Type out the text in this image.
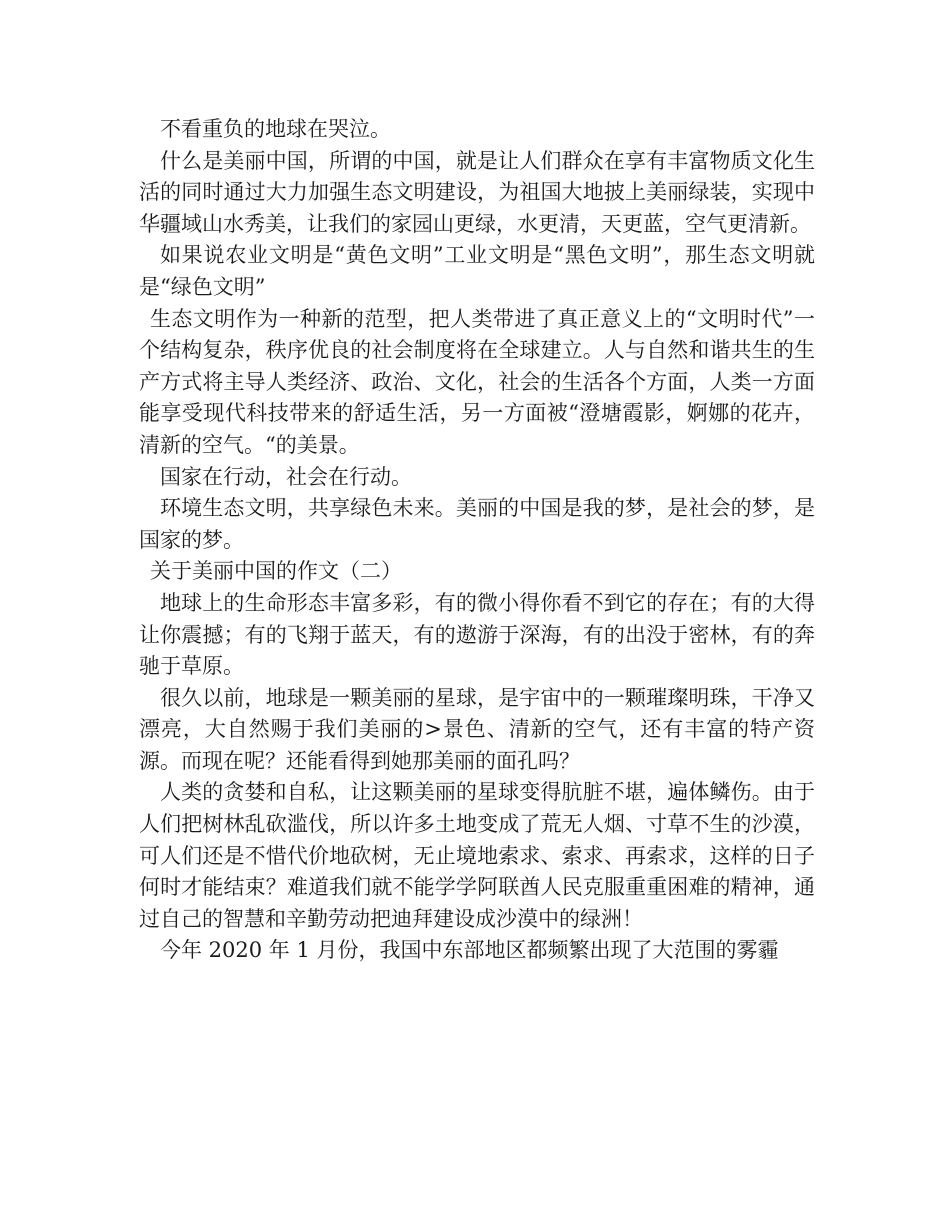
不看重负的地球在哭泣。

什么是美丽中国，所谓的中国，就是让人们群众在享有丰富物质文化生活的同时通过大力加强生态文明建设，为祖国大地披上美丽绿装，实现中华疆域山水秀美，让我们的家园山更绿，水更清，天更蓝，空气更清新。

如果说农业文明是“黄色文明”工业文明是“黑色文明”，那生态文明就是“绿色文明”

生态文明作为一种新的范型，把人类带进了真正意义上的“文明时代”一个结构复杂，秩序优良的社会制度将在全球建立。人与自然和谐共生的生产方式将主导人类经济、政治、文化，社会的生活各个方面，人类一方面能享受现代科技带来的舒适生活，另一方面被“澄塘霞影，婀娜的花卉，清新的空气。“的美景。

国家在行动，社会在行动。

环境生态文明，共享绿色未来。美丽的中国是我的梦，是社会的梦，是国家的梦。

关于美丽中国的作文（二）

地球上的生命形态丰富多彩，有的微小得你看不到它的存在；有的大得让你震撼；有的飞翔于蓝天，有的遨游于深海，有的出没于密林，有的奔驰于草原。

很久以前，地球是一颗美丽的星球，是宇宙中的一颗璀璨明珠，干净又漂亮，大自然赐于我们美丽的>景色、清新的空气，还有丰富的特产资源。而现在呢？还能看得到她那美丽的面孔吗？

人类的贪婪和自私，让这颗美丽的星球变得肮脏不堪，遍体鳞伤。由于人们把树林乱砍滥伐，所以许多土地变成了荒无人烟、寸草不生的沙漠，可人们还是不惜代价地砍树，无止境地索求、索求、再索求，这样的日子何时才能结束？难道我们就不能学学阿联酋人民克服重重困难的精神，通过自己的智慧和辛勤劳动把迪拜建设成沙漠中的绿洲！

今年 2020 年 1 月份，我国中东部地区都频繁出现了大范围的雾霾
